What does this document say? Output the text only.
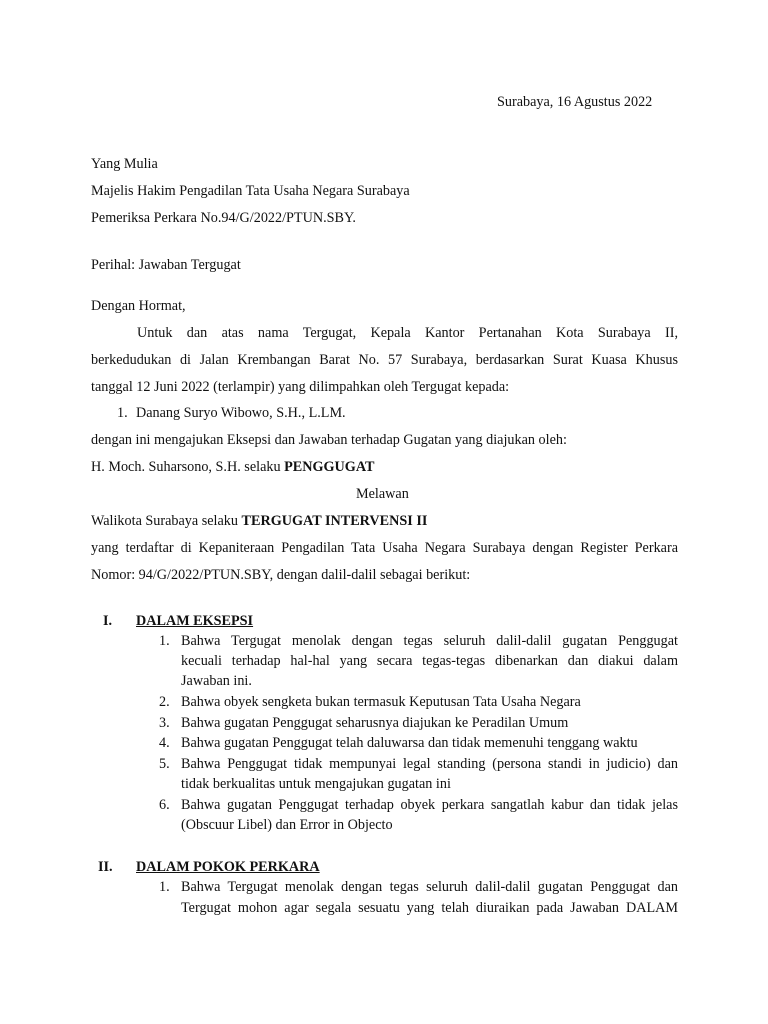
Surabaya, 16 Agustus 2022
Yang Mulia
Majelis Hakim Pengadilan Tata Usaha Negara Surabaya
Pemeriksa Perkara No.94/G/2022/PTUN.SBY.
Perihal: Jawaban Tergugat
Dengan Hormat,
Untuk dan atas nama Tergugat, Kepala Kantor Pertanahan Kota Surabaya II,
berkedudukan di Jalan Krembangan Barat No. 57 Surabaya, berdasarkan Surat Kuasa Khusus
tanggal 12 Juni 2022 (terlampir) yang dilimpahkan oleh Tergugat kepada:
1. Danang Suryo Wibowo, S.H., L.LM.
dengan ini mengajukan Eksepsi dan Jawaban terhadap Gugatan yang diajukan oleh:
H. Moch. Suharsono, S.H. selaku PENGGUGAT
Melawan
Walikota Surabaya selaku TERGUGAT INTERVENSI II
yang terdaftar di Kepaniteraan Pengadilan Tata Usaha Negara Surabaya dengan Register Perkara
Nomor: 94/G/2022/PTUN.SBY, dengan dalil-dalil sebagai berikut:
I. DALAM EKSEPSI
1. Bahwa Tergugat menolak dengan tegas seluruh dalil-dalil gugatan Penggugat
kecuali terhadap hal-hal yang secara tegas-tegas dibenarkan dan diakui dalam
Jawaban ini.
2. Bahwa obyek sengketa bukan termasuk Keputusan Tata Usaha Negara
3. Bahwa gugatan Penggugat seharusnya diajukan ke Peradilan Umum
4. Bahwa gugatan Penggugat telah daluwarsa dan tidak memenuhi tenggang waktu
5. Bahwa Penggugat tidak mempunyai legal standing (persona standi in judicio) dan
tidak berkualitas untuk mengajukan gugatan ini
6. Bahwa gugatan Penggugat terhadap obyek perkara sangatlah kabur dan tidak jelas
(Obscuur Libel) dan Error in Objecto
II. DALAM POKOK PERKARA
1. Bahwa Tergugat menolak dengan tegas seluruh dalil-dalil gugatan Penggugat dan
Tergugat mohon agar segala sesuatu yang telah diuraikan pada Jawaban DALAM
